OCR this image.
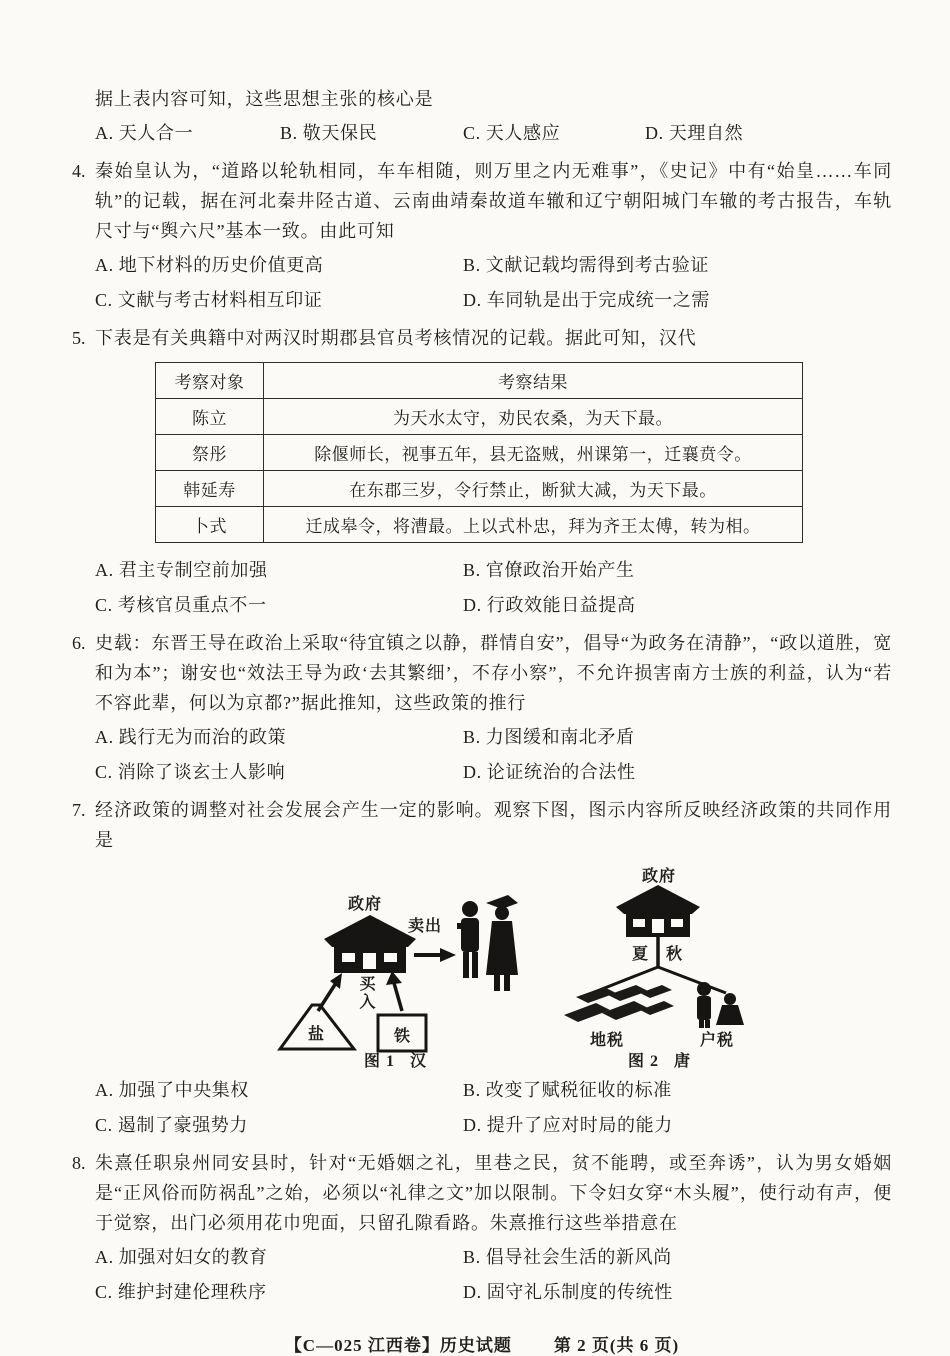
据上表内容可知，这些思想主张的核心是

A. 天人合一	B. 敬天保民	C. 天人感应	D. 天理自然
4. 秦始皇认为，“道路以轮轨相同，车车相随，则万里之内无难事”，《史记》中有“始皇……车同轨”的记载，据在河北秦井陉古道、云南曲靖秦故道车辙和辽宁朝阳城门车辙的考古报告，车轨尺寸与“舆六尺”基本一致。由此可知

A. 地下材料的历史价值更高	B. 文献记载均需得到考古验证
C. 文献与考古材料相互印证	D. 车同轨是出于完成统一之需
5. 下表是有关典籍中对两汉时期郡县官员考核情况的记载。据此可知，汉代

考察对象	考察结果
陈立	为天水太守，劝民农桑，为天下最。
祭彤	除偃师长，视事五年，县无盗贼，州课第一，迁襄贲令。
韩延寿	在东郡三岁，令行禁止，断狱大减，为天下最。
卜式	迁成皋令，将漕最。上以式朴忠，拜为齐王太傅，转为相。
A. 君主专制空前加强	B. 官僚政治开始产生
C. 考核官员重点不一	D. 行政效能日益提高
6. 史载：东晋王导在政治上采取“待宜镇之以静，群情自安”，倡导“为政务在清静”，“政以道胜，宽和为本”；谢安也“效法王导为政‘去其繁细’，不存小察”，不允许损害南方士族的利益，认为“若不容此辈，何以为京都?”据此推知，这些政策的推行

A. 践行无为而治的政策	B. 力图缓和南北矛盾
C. 消除了谈玄士人影响	D. 论证统治的合法性
7. 经济政策的调整对社会发展会产生一定的影响。观察下图，图示内容所反映经济政策的共同作用是

政府
卖出
买入
盐	铁
图1 汉
政府
夏 秋
地税	户税
图2 唐
A. 加强了中央集权	B. 改变了赋税征收的标准
C. 遏制了豪强势力	D. 提升了应对时局的能力
8. 朱熹任职泉州同安县时，针对“无婚姻之礼，里巷之民，贫不能聘，或至奔诱”，认为男女婚姻是“正风俗而防祸乱”之始，必须以“礼律之文”加以限制。下令妇女穿“木头履”，使行动有声，便于觉察，出门必须用花巾兜面，只留孔隙看路。朱熹推行这些举措意在

A. 加强对妇女的教育	B. 倡导社会生活的新风尚
C. 维护封建伦理秩序	D. 固守礼乐制度的传统性
【C—025 江西卷】历史试题 第 2 页(共 6 页)
